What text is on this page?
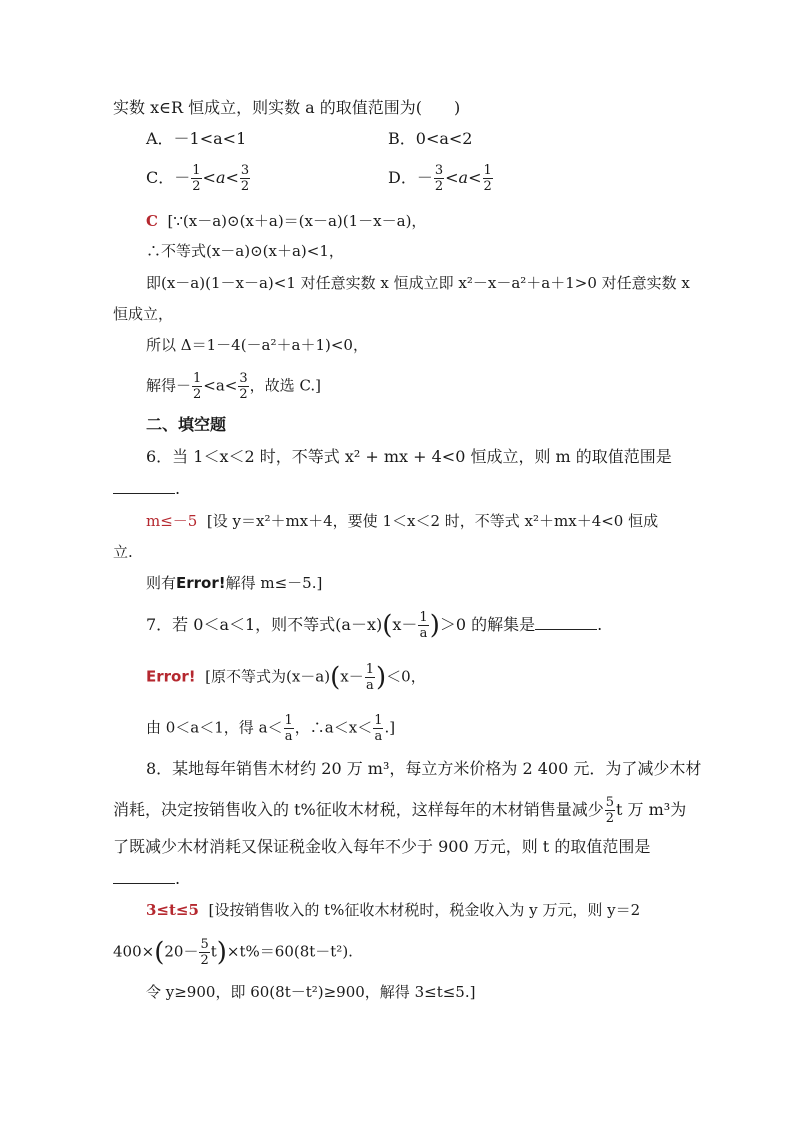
实数 x∈R 恒成立，则实数 a 的取值范围为(　　)
A．－1<a<1	B．0<a<2
C．－ $\frac{1}{2} <a< \frac{3}{2}$	D．－ $\frac{3}{2} <a< \frac{1}{2}$
C [∵(x－a)⊙(x＋a)＝(x－a)(1－x－a)，
∴不等式(x－a)⊙(x＋a)<1，
即(x－a)(1－x－a)<1 对任意实数 x 恒成立即 x²－x－a²＋a＋1>0 对任意实数 x
恒成立，
所以 Δ＝1－4(－a²＋a＋1)<0，
解得－ $\frac{1}{2} <a< \frac{3}{2}$ ，故选 C.]
二、填空题
6．当 1＜x＜2 时，不等式 x² + mx + 4<0 恒成立，则 m 的取值范围是
.
m≤－5 [设 y＝x²＋mx＋4，要使 1＜x＜2 时，不等式 x²＋mx＋4<0 恒成
立.
则有Error!解得 m≤－5.]
7．若 0＜a＜1，则不等式$(a-x)(x- \frac{1}{a} )>0$ 的解集是	.
Error! [原不等式为$(x-a)(x- \frac{1}{a} )<0$，
由 0＜a＜1，得 $a< \frac{1}{a}$ ，∴a＜x＜ $\frac{1}{a}$ .]
8．某地每年销售木材约 20 万 m³，每立方米价格为 2 400 元．为了减少木材
消耗，决定按销售收入的 t%征收木材税，这样每年的木材销售量减少 $\frac{5}{2}$ t 万 m³为
了既减少木材消耗又保证税金收入每年不少于 900 万元，则 t 的取值范围是
.
3≤t≤5 [设按销售收入的 t%征收木材税时，税金收入为 y 万元，则 y＝2
$400\times(20- \frac{5}{2} t)\times t\%=60(8t-t^2)$.
令 y≥900，即 60(8t－t²)≥900，解得 3≤t≤5.]
